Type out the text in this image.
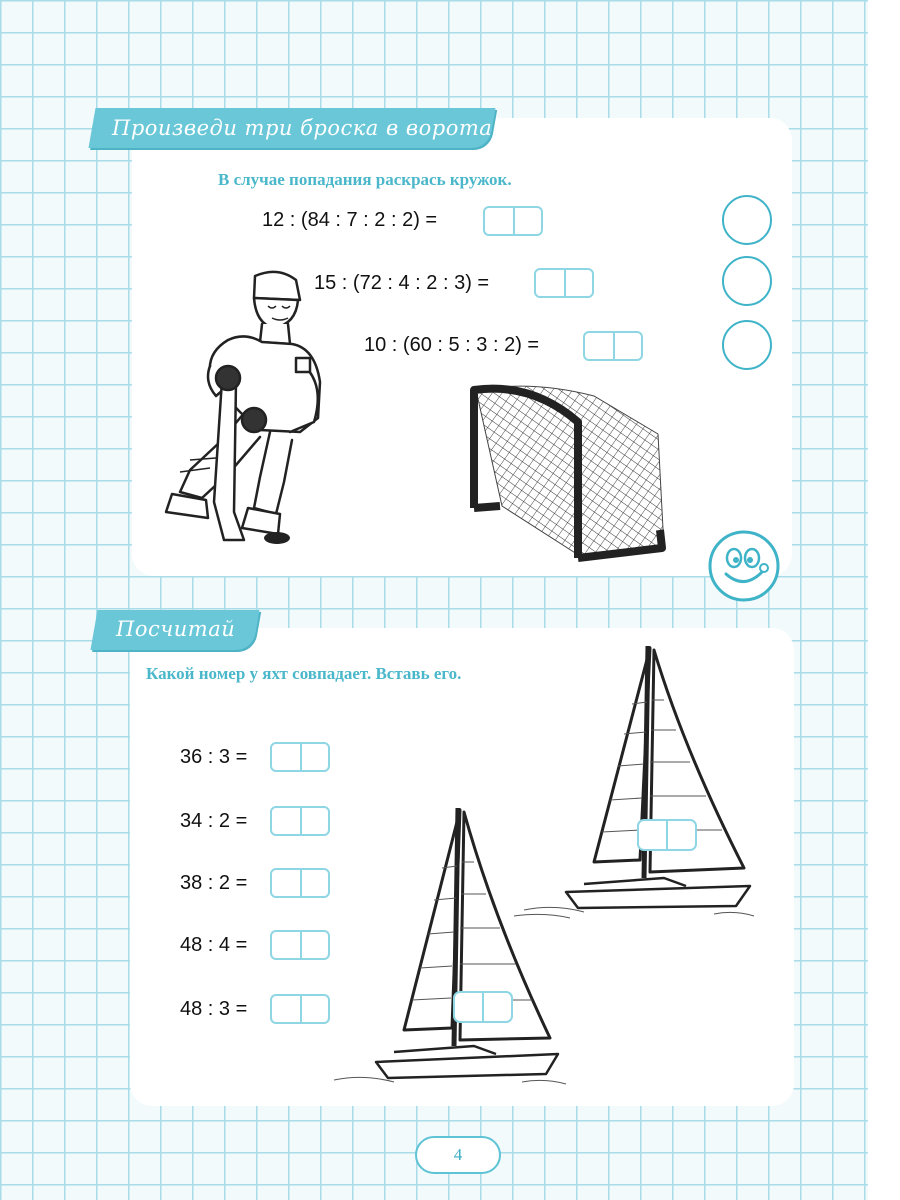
Произведи три броска в ворота
В случае попадания раскрась кружок.
12 : (84 : 7 : 2 : 2) =
15 : (72 : 4 : 2 : 3) =
10 : (60 : 5 : 3 : 2) =
Посчитай
Какой номер у яхт совпадает. Вставь его.
36 : 3 =
34 : 2 =
38 : 2 =
48 : 4 =
48 : 3 =
4
